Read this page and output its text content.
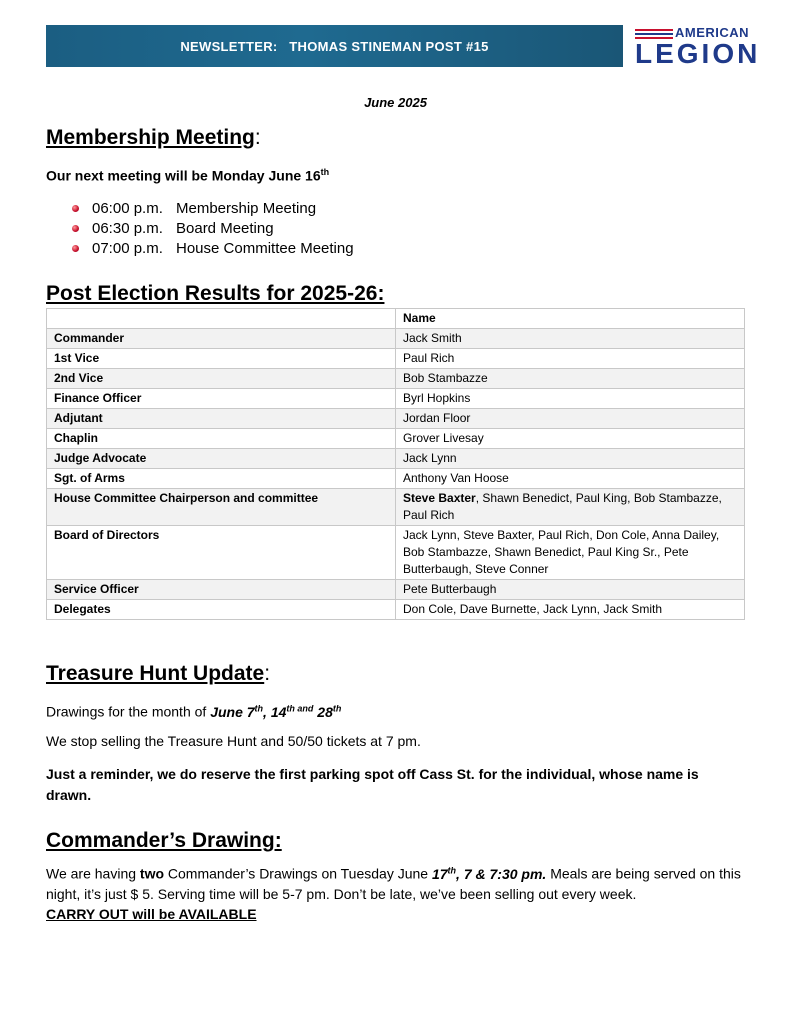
NEWSLETTER:
THOMAS STINEMAN POST #15
AMERICAN
LEGION
June 2025
Membership Meeting:
Our next meeting will be Monday June 16th
06:00 p.m. Membership Meeting
06:30 p.m. Board Meeting
07:00 p.m. House Committee Meeting
Post Election Results for 2025-26:
	Name
Commander	Jack Smith
1st Vice	Paul Rich
2nd Vice	Bob Stambazze
Finance Officer	Byrl Hopkins
Adjutant	Jordan Floor
Chaplin	Grover Livesay
Judge Advocate	Jack Lynn
Sgt. of Arms	Anthony Van Hoose
House Committee Chairperson and committee	Steve Baxter, Shawn Benedict, Paul King, Bob Stambazze, Paul Rich
Board of Directors	Jack Lynn, Steve Baxter, Paul Rich, Don Cole, Anna Dailey, Bob Stambazze, Shawn Benedict, Paul King Sr., Pete Butterbaugh, Steve Conner
Service Officer	Pete Butterbaugh
Delegates	Don Cole, Dave Burnette, Jack Lynn, Jack Smith
Treasure Hunt Update:
Drawings for the month of June 7th, $14^{th and}$ 28th
We stop selling the Treasure Hunt and 50/50 tickets at 7 pm.
Just a reminder, we do reserve the first parking spot off Cass St. for the individual, whose name is drawn.
Commander’s Drawing:
We are having two Commander’s Drawings on Tuesday June 17th, 7 & 7:30 pm. Meals are being served on this night, it’s just $ 5. Serving time will be 5-7 pm. Don’t be late, we’ve been selling out every week.
CARRY OUT will be AVAILABLE
